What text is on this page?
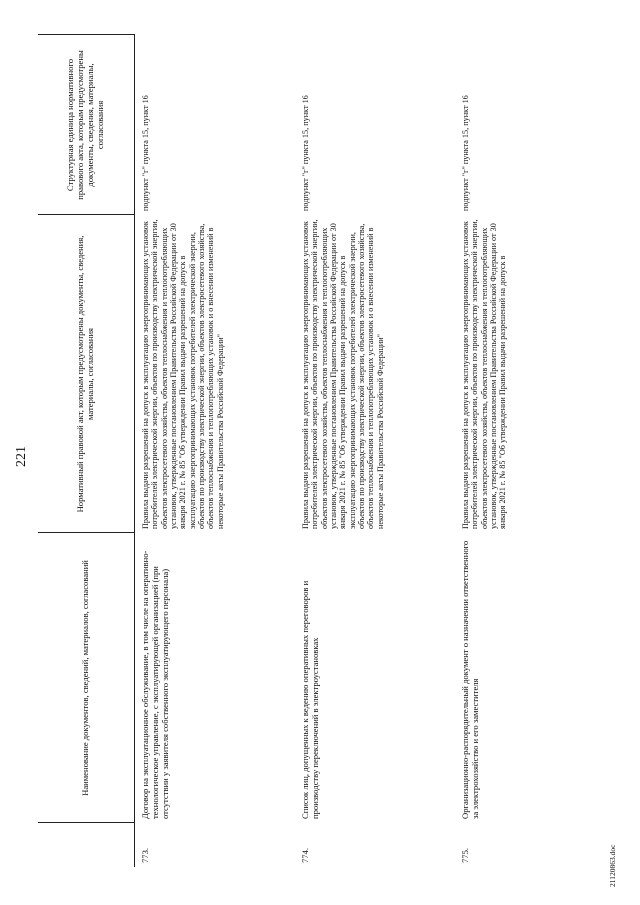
221
	Наименование документов, сведений, материалов, согласований	Нормативный правовой акт, которым предусмотрены документы, сведения, материалы, согласования	Структурная единица нормативного правового акта, которым предусмотрены документы, сведения, материалы, согласования
773.	Договор на эксплуатационное обслуживание, в том числе на оперативно-технологическое управление, с эксплуатирующей организацией (при отсутствии у заявителя собственного эксплуатирующего персонала)	Правила выдачи разрешений на допуск в эксплуатацию энергопринимающих установок потребителей электрической энергии, объектов по производству электрической энергии, объектов электросетевого хозяйства, объектов теплоснабжения и теплопотребляющих установок, утвержденные постановлением Правительства Российской Федерации от 30 января 2021 г. № 85 "Об утверждении Правил выдачи разрешений на допуск в эксплуатацию энергопринимающих установок потребителей электрической энергии, объектов по производству электрической энергии, объектов электросетевого хозяйства, объектов теплоснабжения и теплопотребляющих установок и о внесении изменений в некоторые акты Правительства Российской Федерации"	подпункт "г" пункта 15, пункт 16
774.	Список лиц, допущенных к ведению оперативных переговоров и производству переключений в электроустановках	Правила выдачи разрешений на допуск в эксплуатацию энергопринимающих установок потребителей электрической энергии, объектов по производству электрической энергии, объектов электросетевого хозяйства, объектов теплоснабжения и теплопотребляющих установок, утвержденные постановлением Правительства Российской Федерации от 30 января 2021 г. № 85 "Об утверждении Правил выдачи разрешений на допуск в эксплуатацию энергопринимающих установок потребителей электрической энергии, объектов по производству электрической энергии, объектов электросетевого хозяйства, объектов теплоснабжения и теплопотребляющих установок и о внесении изменений в некоторые акты Правительства Российской Федерации"	подпункт "г" пункта 15, пункт 16
775.	Организационно-распорядительный документ о назначении ответственного за электрохозяйство и его заместителя	Правила выдачи разрешений на допуск в эксплуатацию энергопринимающих установок потребителей электрической энергии, объектов по производству электрической энергии, объектов электросетевого хозяйства, объектов теплоснабжения и теплопотребляющих установок, утвержденные постановлением Правительства Российской Федерации от 30 января 2021 г. № 85 "Об утверждении Правил выдачи разрешений на допуск в	подпункт "г" пункта 15, пункт 16
21120863.doc
